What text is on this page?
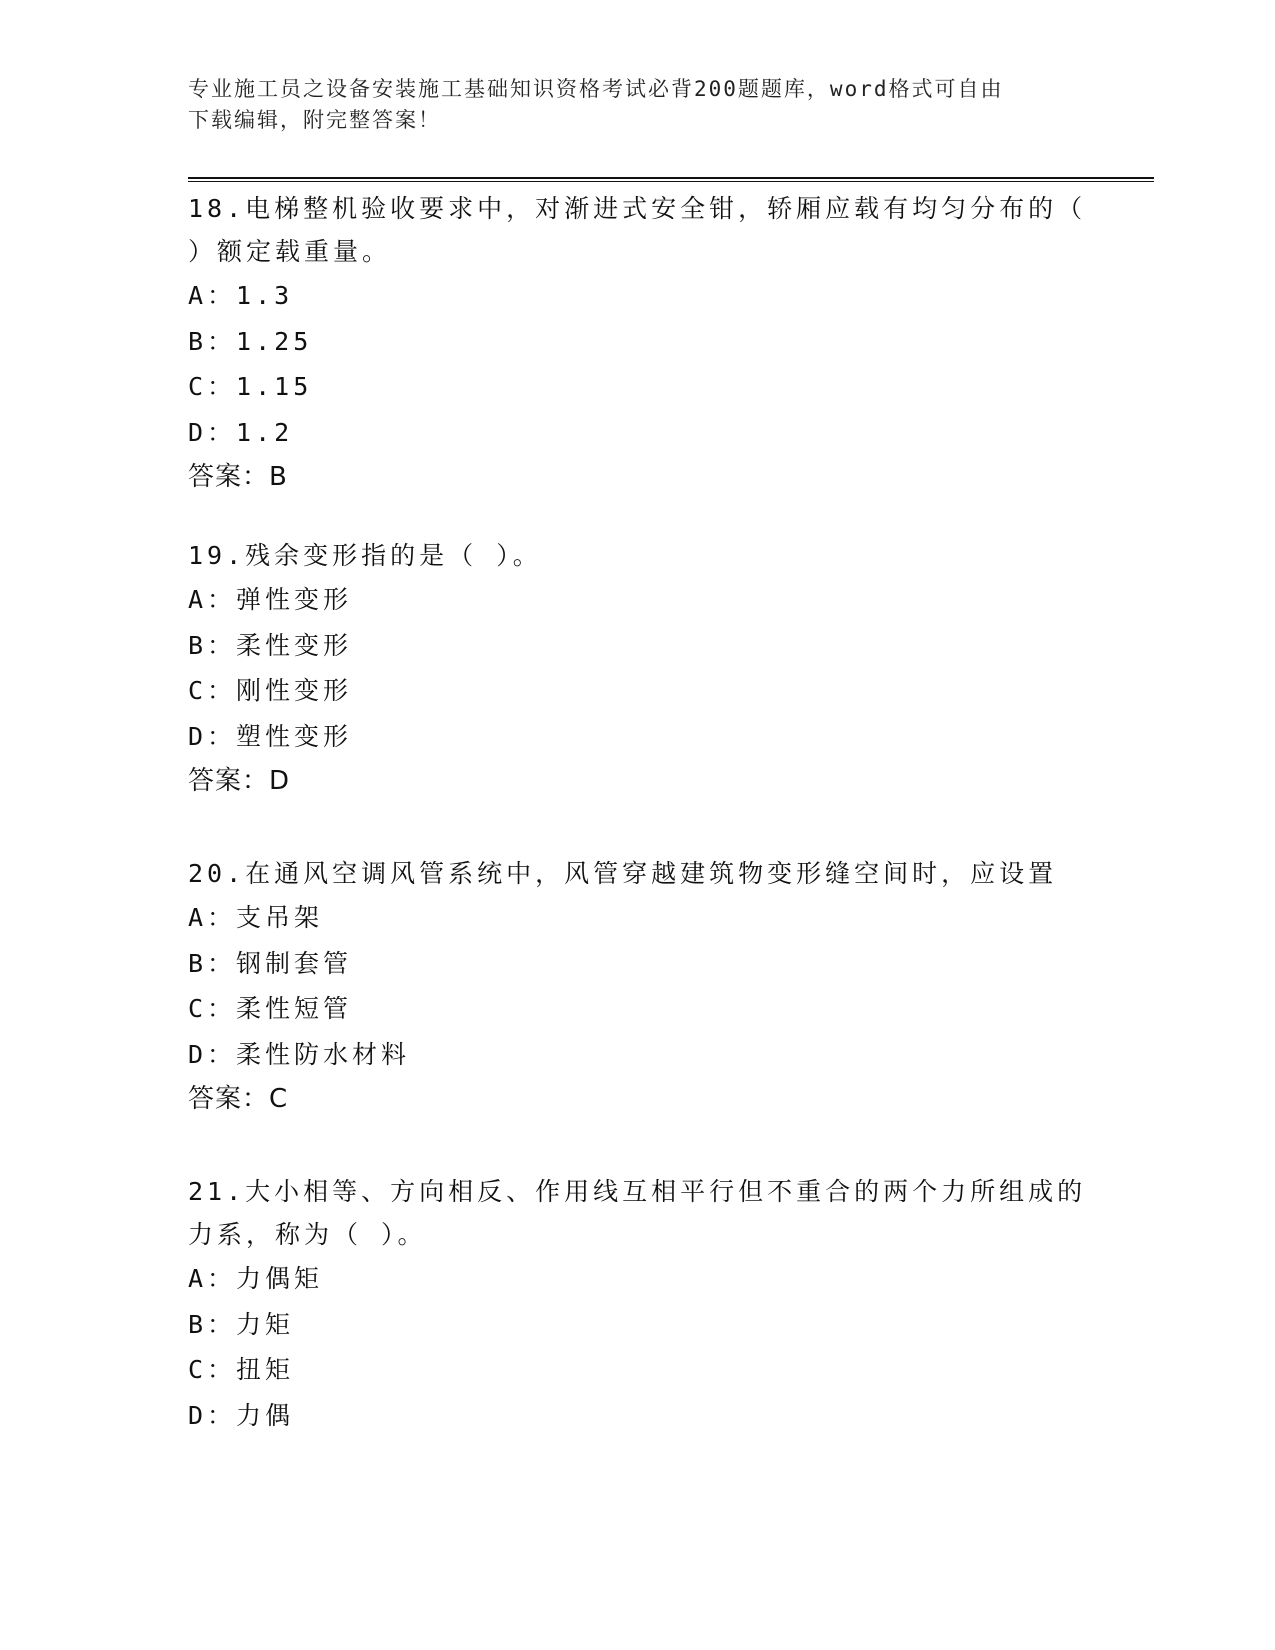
专业施工员之设备安装施工基础知识资格考试必背200题题库，word格式可自由
下载编辑，附完整答案！

18.电梯整机验收要求中，对渐进式安全钳，轿厢应载有均匀分布的（

）额定载重量。

A：1.3

B：1.25

C：1.15

D：1.2

答案：B

19.残余变形指的是（ ）。

A：弹性变形

B：柔性变形

C：刚性变形

D：塑性变形

答案：D

20.在通风空调风管系统中，风管穿越建筑物变形缝空间时，应设置

A：支吊架

B：钢制套管

C：柔性短管

D：柔性防水材料

答案：C

21.大小相等、方向相反、作用线互相平行但不重合的两个力所组成的

力系，称为（ ）。

A：力偶矩

B：力矩

C：扭矩

D：力偶
